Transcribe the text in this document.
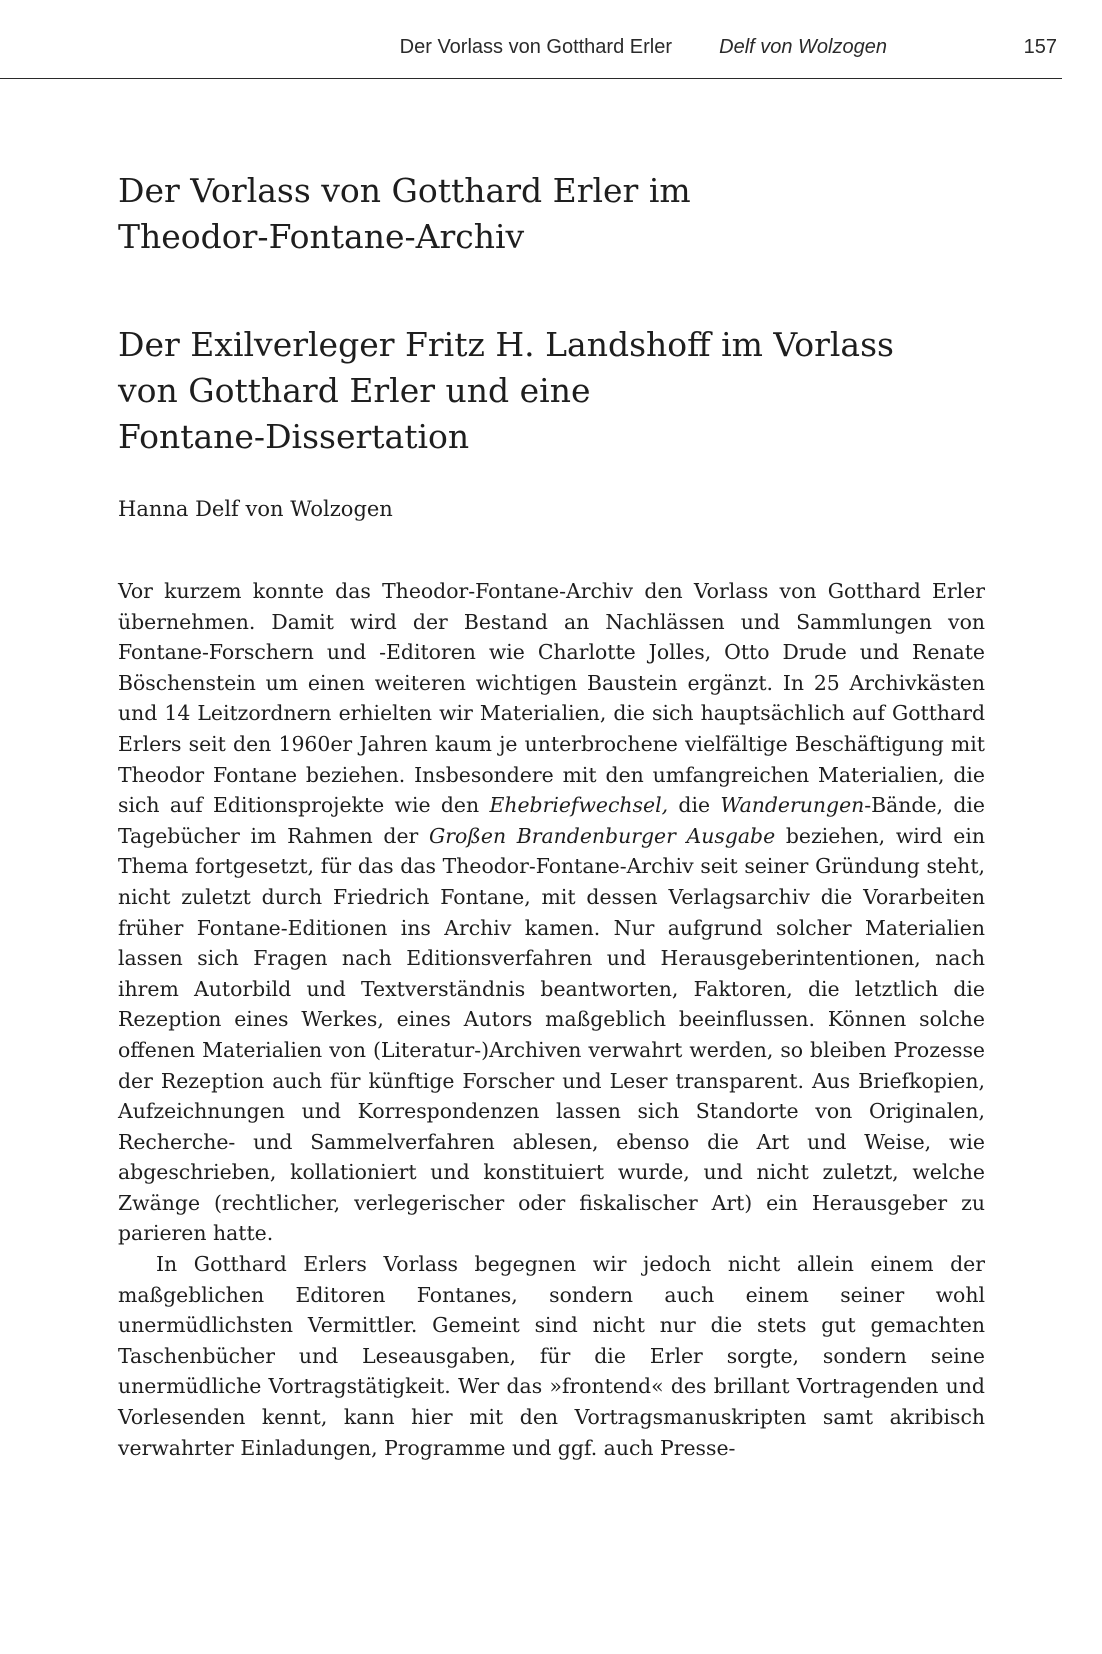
Der Vorlass von Gotthard Erler Delf von Wolzogen	157
Der Vorlass von Gotthard Erler im
Theodor-Fontane-Archiv
Der Exilverleger Fritz H. Landshoff im Vorlass
von Gotthard Erler und eine
Fontane-Dissertation
Hanna Delf von Wolzogen

Vor kurzem konnte das Theodor-Fontane-Archiv den Vorlass von Gotthard Erler übernehmen. Damit wird der Bestand an Nachlässen und Sammlungen von Fontane-Forschern und -Editoren wie Charlotte Jolles, Otto Drude und Renate Böschenstein um einen weiteren wichtigen Baustein ergänzt. In 25 Archivkästen und 14 Leitzordnern erhielten wir Materialien, die sich hauptsächlich auf Gotthard Erlers seit den 1960er Jahren kaum je unterbrochene vielfältige Beschäftigung mit Theodor Fontane beziehen. Insbesondere mit den umfangreichen Materialien, die sich auf Editionsprojekte wie den Ehebriefwechsel, die Wanderungen-Bände, die Tagebücher im Rahmen der Großen Brandenburger Ausgabe beziehen, wird ein Thema fortgesetzt, für das das Theodor-Fontane-Archiv seit seiner Gründung steht, nicht zuletzt durch Friedrich Fontane, mit dessen Verlagsarchiv die Vorarbeiten früher Fontane-Editionen ins Archiv kamen. Nur aufgrund solcher Materialien lassen sich Fragen nach Editionsverfahren und Herausgeberintentionen, nach ihrem Autorbild und Textverständnis beantworten, Faktoren, die letztlich die Rezeption eines Werkes, eines Autors maßgeblich beeinflussen. Können solche offenen Materialien von (Literatur-)Archiven verwahrt werden, so bleiben Prozesse der Rezeption auch für künftige Forscher und Leser transparent. Aus Briefkopien, Aufzeichnungen und Korrespondenzen lassen sich Standorte von Originalen, Recherche- und Sammelverfahren ablesen, ebenso die Art und Weise, wie abgeschrieben, kollationiert und konstituiert wurde, und nicht zuletzt, welche Zwänge (rechtlicher, verlegerischer oder fiskalischer Art) ein Herausgeber zu parieren hatte.

In Gotthard Erlers Vorlass begegnen wir jedoch nicht allein einem der maßgeblichen Editoren Fontanes, sondern auch einem seiner wohl unermüdlichsten Vermittler. Gemeint sind nicht nur die stets gut gemachten Taschenbücher und Leseausgaben, für die Erler sorgte, sondern seine unermüdliche Vortragstätigkeit. Wer das »frontend« des brillant Vortragenden und Vorlesenden kennt, kann hier mit den Vortragsmanuskripten samt akribisch verwahrter Einladungen, Programme und ggf. auch Presse-
